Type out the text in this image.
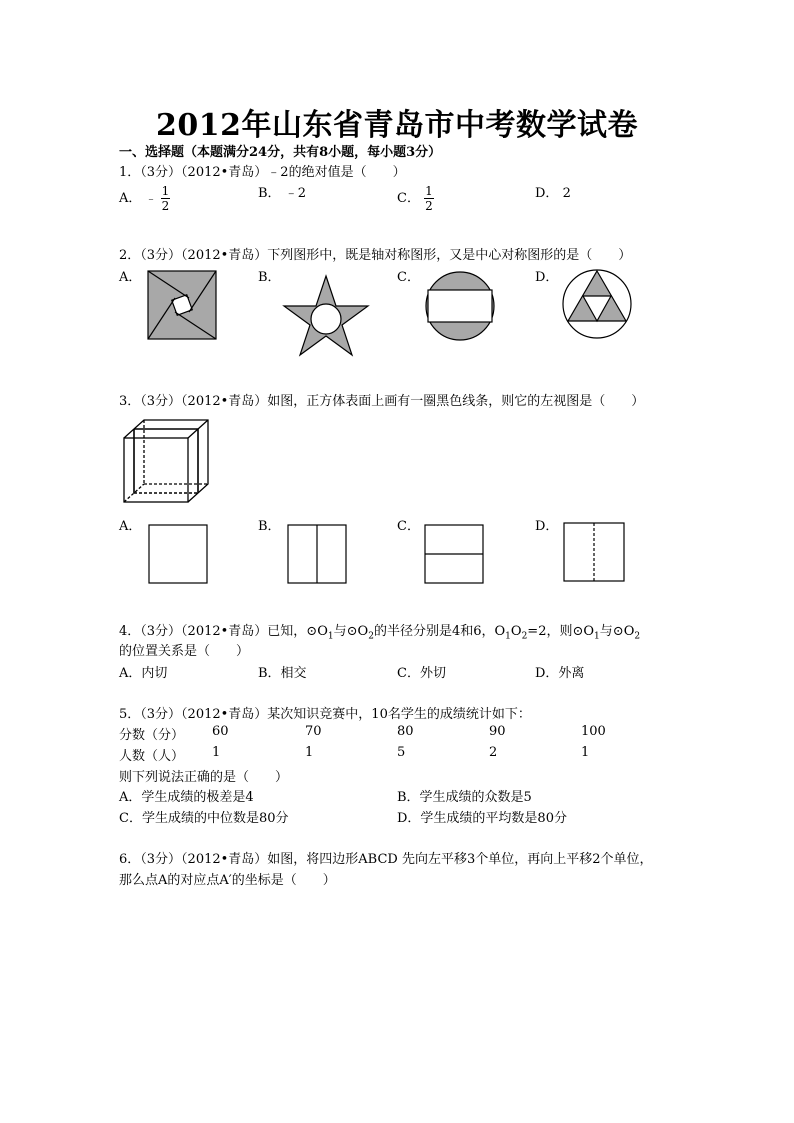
2012年山东省青岛市中考数学试卷
一、选择题（本题满分24分，共有8小题，每小题3分）
1．（3分）（2012•青岛）﹣2的绝对值是（　　）
A． ﹣ $\frac{1}{2}$	B． ﹣2	C． $\frac{1}{2}$	D． 2
2．（3分）（2012•青岛）下列图形中，既是轴对称图形，又是中心对称图形的是（　　）
A．	B．	C．	D．
3．（3分）（2012•青岛）如图，正方体表面上画有一圈黑色线条，则它的左视图是（　　）
A．	B．	C．	D．
4．（3分）（2012•青岛）已知，$⊙O_1$与$⊙O_2$的半径分别是4和6，$O_1O_2=2$，则$⊙O_1$与$⊙O_2$
的位置关系是（　　）
A．内切	B．相交	C．外切	D．外离
5．（3分）（2012•青岛）某次知识竞赛中，10名学生的成绩统计如下：
分数（分） 60	70	80	90	100
人数（人） 1	1	5	2	1
则下列说法正确的是（　　）
A．学生成绩的极差是4	B．学生成绩的众数是5
C．学生成绩的中位数是80分	D．学生成绩的平均数是80分
6．（3分）（2012•青岛）如图，将四边形ABCD 先向左平移3个单位，再向上平移2个单位，
那么点A的对应点A′的坐标是（　　）
